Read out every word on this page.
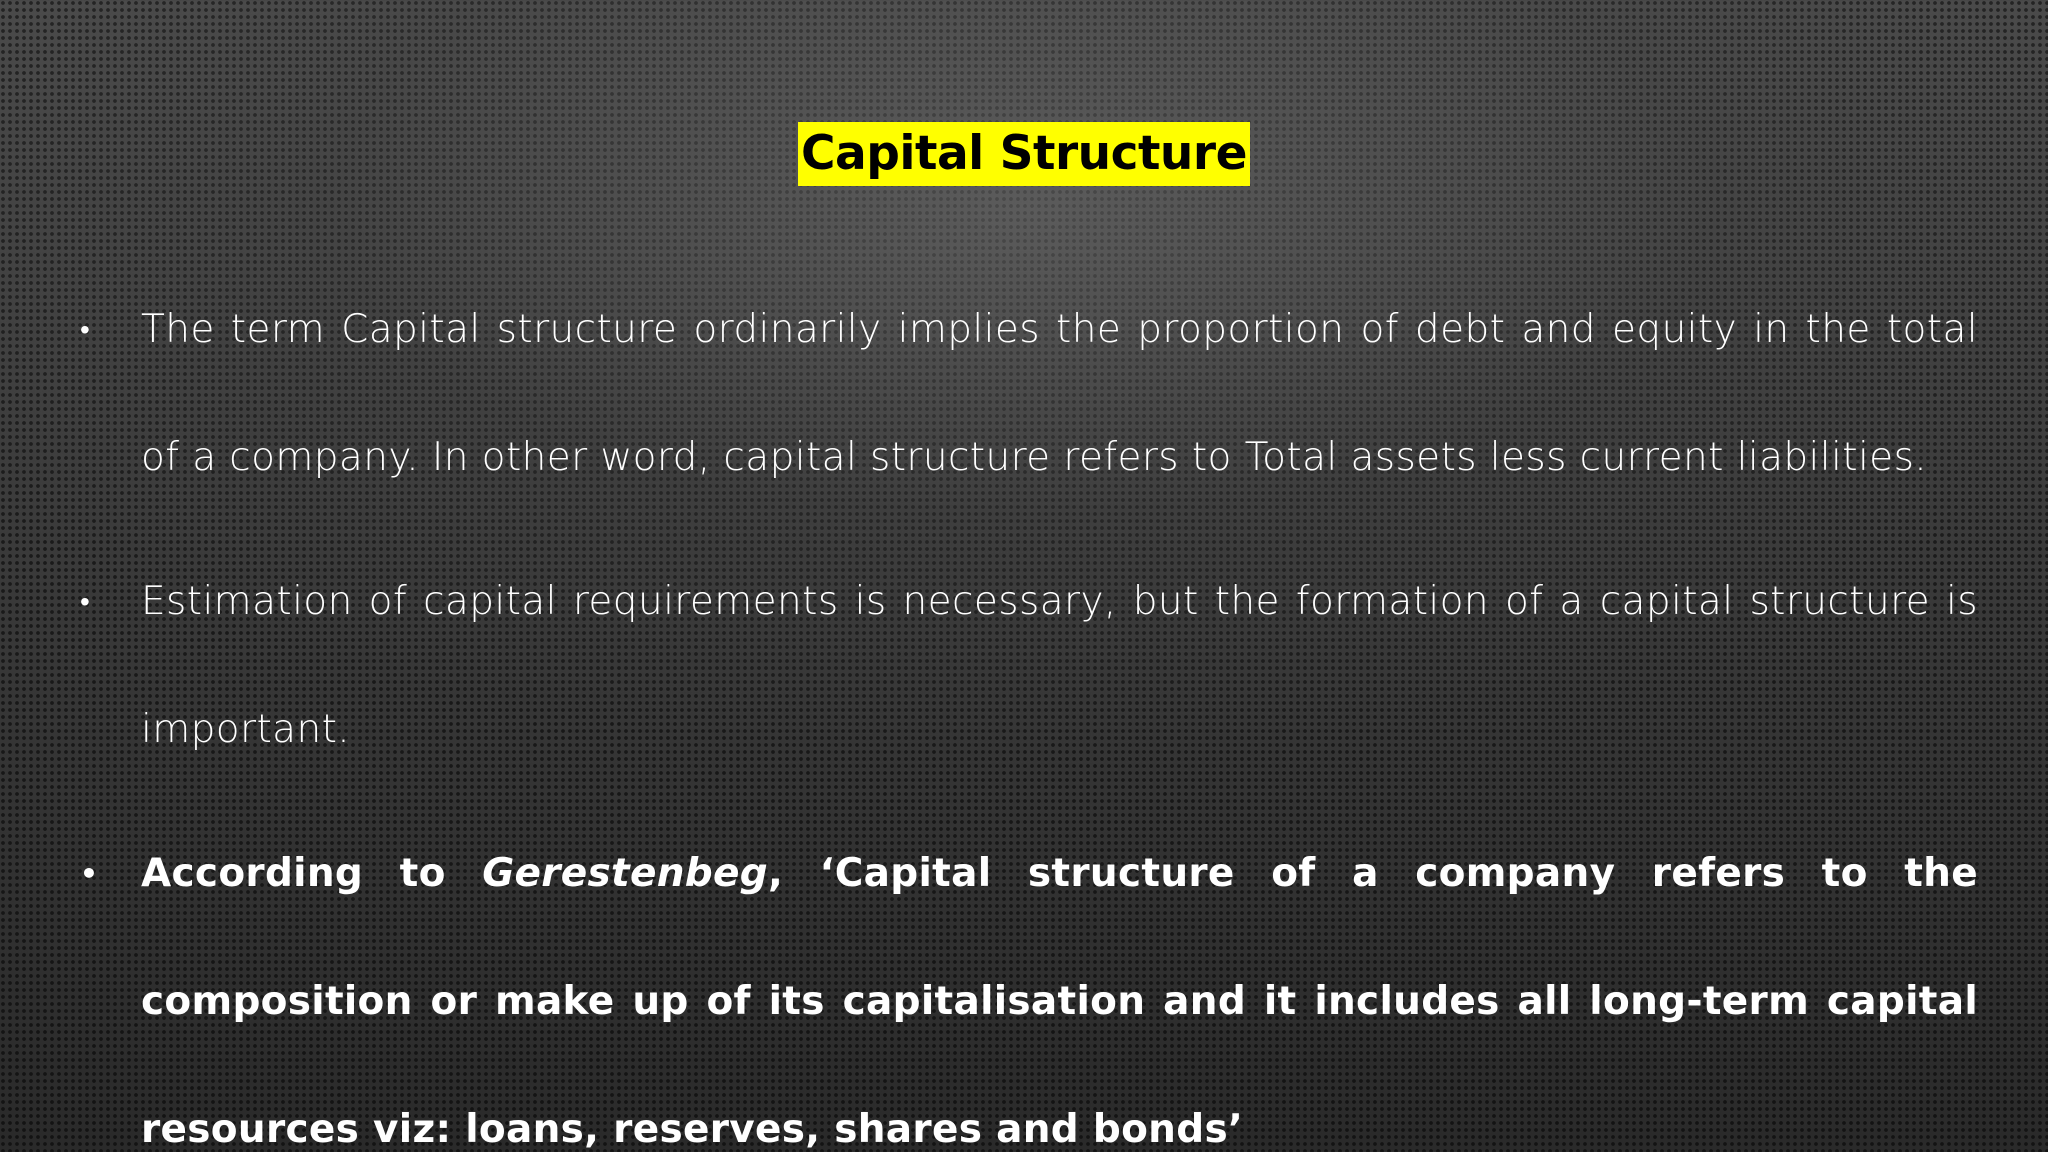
Capital Structure
• The term Capital structure ordinarily implies the proportion of debt and equity in the total of a company. In other word, capital structure refers to Total assets less current liabilities.
• Estimation of capital requirements is necessary, but the formation of a capital structure is important.
• According to Gerestenbeg, ‘Capital structure of a company refers to the composition or make up of its capitalisation and it includes all long-term capital resources viz: loans, reserves, shares and bonds’
